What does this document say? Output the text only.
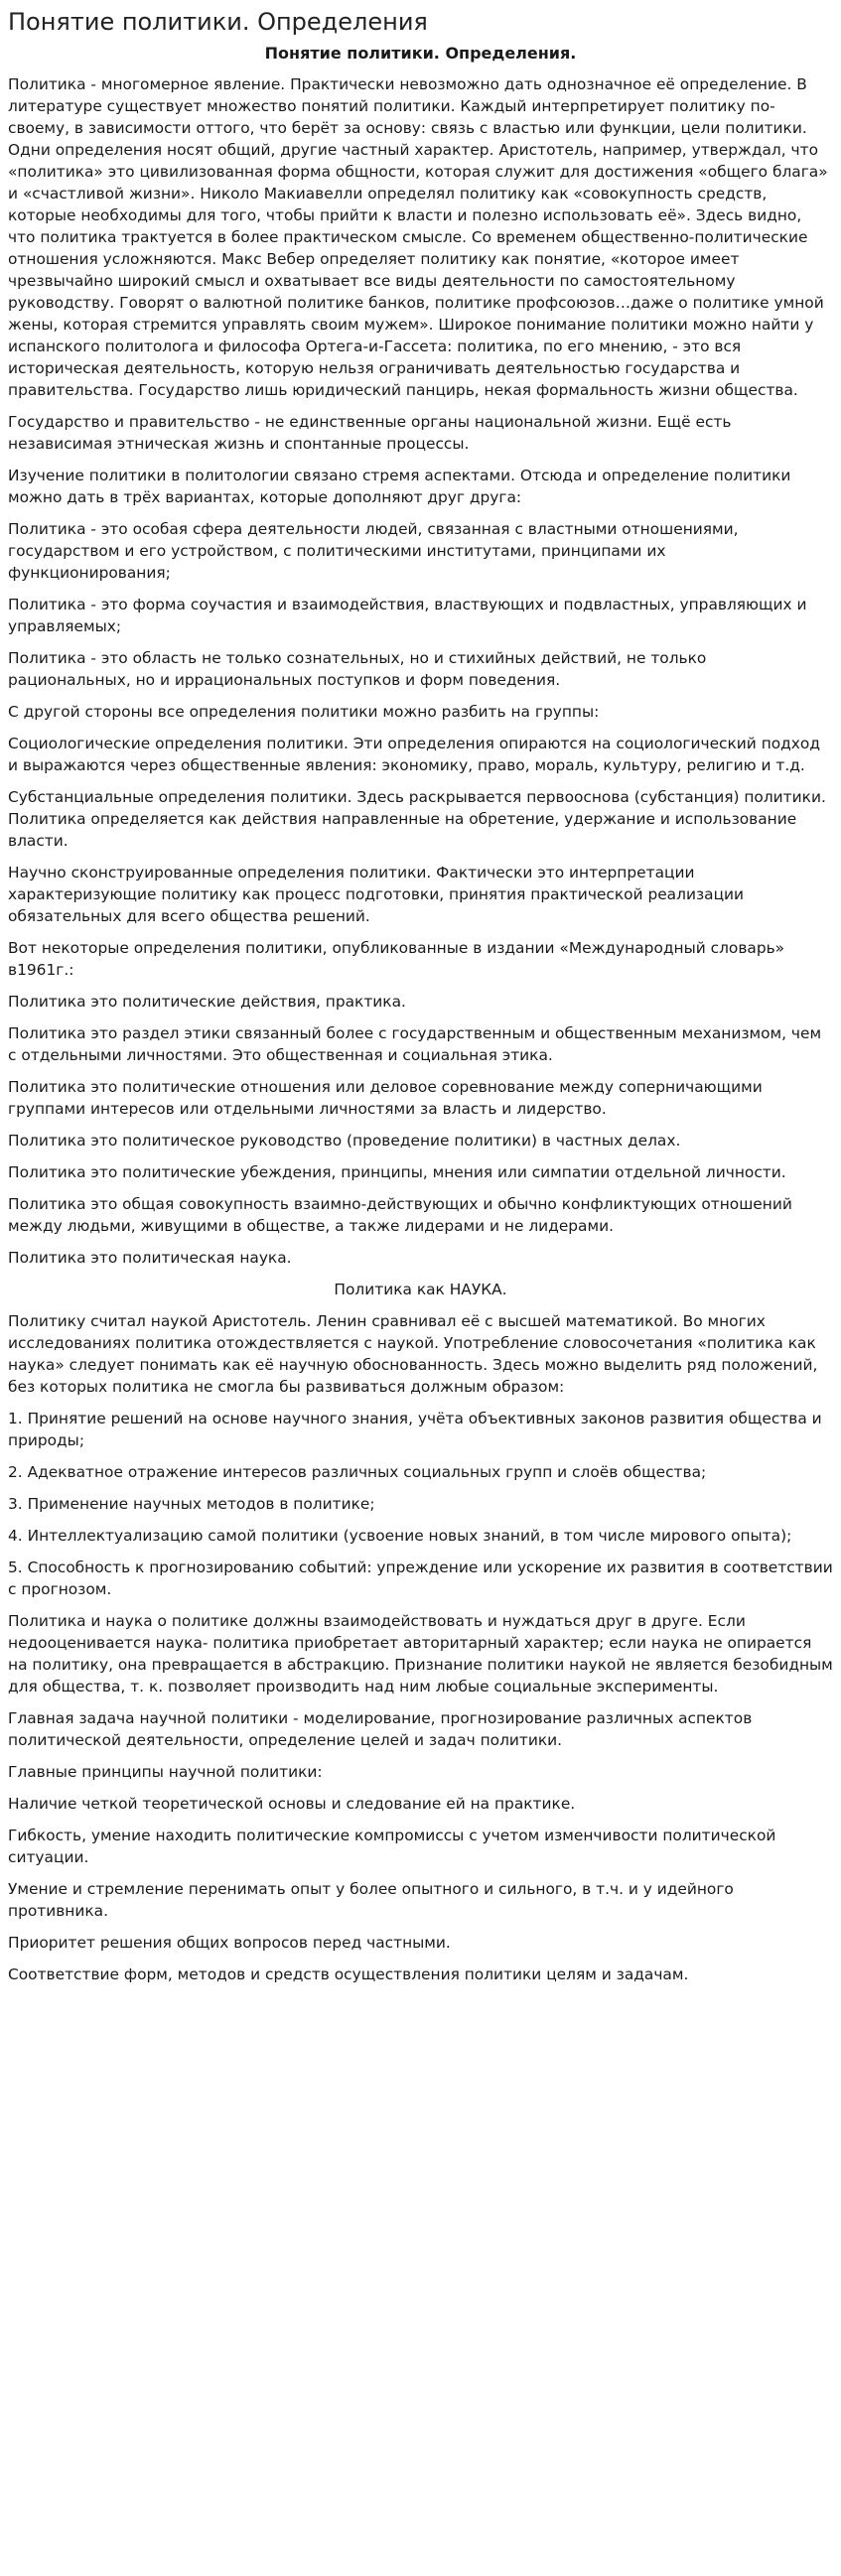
Понятие политики. Определения
Понятие политики. Определения.

Политика - многомерное явление. Практически невозможно дать однозначное её определение. В литературе существует множество понятий политики. Каждый интерпретирует политику по-своему, в зависимости оттого, что берёт за основу: связь с властью или функции, цели политики. Одни определения носят общий, другие частный характер. Аристотель, например, утверждал, что «политика» это цивилизованная форма общности, которая служит для достижения «общего блага» и «счастливой жизни». Николо Макиавелли определял политику как «совокупность средств, которые необходимы для того, чтобы прийти к власти и полезно использовать её». Здесь видно, что политика трактуется в более практическом смысле. Со временем общественно-политические отношения усложняются. Макс Вебер определяет политику как понятие, «которое имеет чрезвычайно широкий смысл и охватывает все виды деятельности по самостоятельному руководству. Говорят о валютной политике банков, политике профсоюзов…даже о политике умной жены, которая стремится управлять своим мужем». Широкое понимание политики можно найти у испанского политолога и философа Ортега-и-Гассета: политика, по его мнению, - это вся историческая деятельность, которую нельзя ограничивать деятельностью государства и правительства. Государство лишь юридический панцирь, некая формальность жизни общества.

Государство и правительство - не единственные органы национальной жизни. Ещё есть независимая этническая жизнь и спонтанные процессы.

Изучение политики в политологии связано стремя аспектами. Отсюда и определение политики можно дать в трёх вариантах, которые дополняют друг друга:

Политика - это особая сфера деятельности людей, связанная с властными отношениями, государством и его устройством, с политическими институтами, принципами их функционирования;

Политика - это форма соучастия и взаимодействия, властвующих и подвластных, управляющих и управляемых;

Политика - это область не только сознательных, но и стихийных действий, не только рациональных, но и иррациональных поступков и форм поведения.

С другой стороны все определения политики можно разбить на группы:

Социологические определения политики. Эти определения опираются на социологический подход и выражаются через общественные явления: экономику, право, мораль, культуру, религию и т.д.

Субстанциальные определения политики. Здесь раскрывается первооснова (субстанция) политики. Политика определяется как действия направленные на обретение, удержание и использование власти.

Научно сконструированные определения политики. Фактически это интерпретации характеризующие политику как процесс подготовки, принятия практической реализации обязательных для всего общества решений.

Вот некоторые определения политики, опубликованные в издании «Международный словарь» в1961г.:

Политика это политические действия, практика.

Политика это раздел этики связанный более с государственным и общественным механизмом, чем с отдельными личностями. Это общественная и социальная этика.

Политика это политические отношения или деловое соревнование между соперничающими группами интересов или отдельными личностями за власть и лидерство.

Политика это политическое руководство (проведение политики) в частных делах.

Политика это политические убеждения, принципы, мнения или симпатии отдельной личности.

Политика это общая совокупность взаимно-действующих и обычно конфликтующих отношений между людьми, живущими в обществе, а также лидерами и не лидерами.

Политика это политическая наука.

Политика как НАУКА.

Политику считал наукой Аристотель. Ленин сравнивал её с высшей математикой. Во многих исследованиях политика отождествляется с наукой. Употребление словосочетания «политика как наука» следует понимать как её научную обоснованность. Здесь можно выделить ряд положений, без которых политика не смогла бы развиваться должным образом:

1. Принятие решений на основе научного знания, учёта объективных законов развития общества и природы;

2. Адекватное отражение интересов различных социальных групп и слоёв общества;

3. Применение научных методов в политике;

4. Интеллектуализацию самой политики (усвоение новых знаний, в том числе мирового опыта);

5. Способность к прогнозированию событий: упреждение или ускорение их развития в соответствии с прогнозом.

Политика и наука о политике должны взаимодействовать и нуждаться друг в друге. Если недооценивается наука- политика приобретает авторитарный характер; если наука не опирается на политику, она превращается в абстракцию. Признание политики наукой не является безобидным для общества, т. к. позволяет производить над ним любые социальные эксперименты.

Главная задача научной политики - моделирование, прогнозирование различных аспектов политической деятельности, определение целей и задач политики.

Главные принципы научной политики:

Наличие четкой теоретической основы и следование ей на практике.

Гибкость, умение находить политические компромиссы с учетом изменчивости политической ситуации.

Умение и стремление перенимать опыт у более опытного и сильного, в т.ч. и у идейного противника.

Приоритет решения общих вопросов перед частными.

Соответствие форм, методов и средств осуществления политики целям и задачам.
